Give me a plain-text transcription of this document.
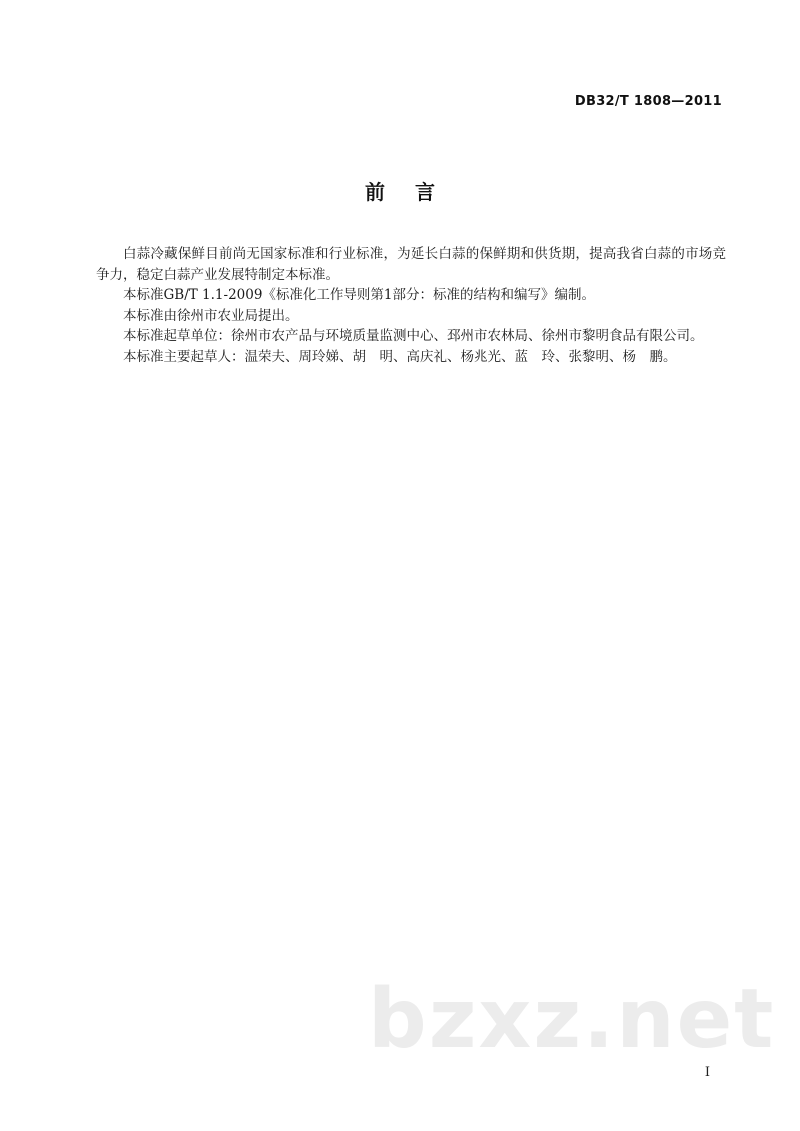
DB32/T 1808—2011
前言

白蒜冷藏保鲜目前尚无国家标准和行业标准，为延长白蒜的保鲜期和供货期，提高我省白蒜的市场竞争力，稳定白蒜产业发展特制定本标准。

本标准GB/T 1.1-2009《标准化工作导则第1部分：标准的结构和编写》编制。

本标准由徐州市农业局提出。

本标准起草单位：徐州市农产品与环境质量监测中心、邳州市农林局、徐州市黎明食品有限公司。

本标准主要起草人：温荣夫、周玲娣、胡　明、高庆礼、杨兆光、蓝　玲、张黎明、杨　鹏。

bzxz.net
I
